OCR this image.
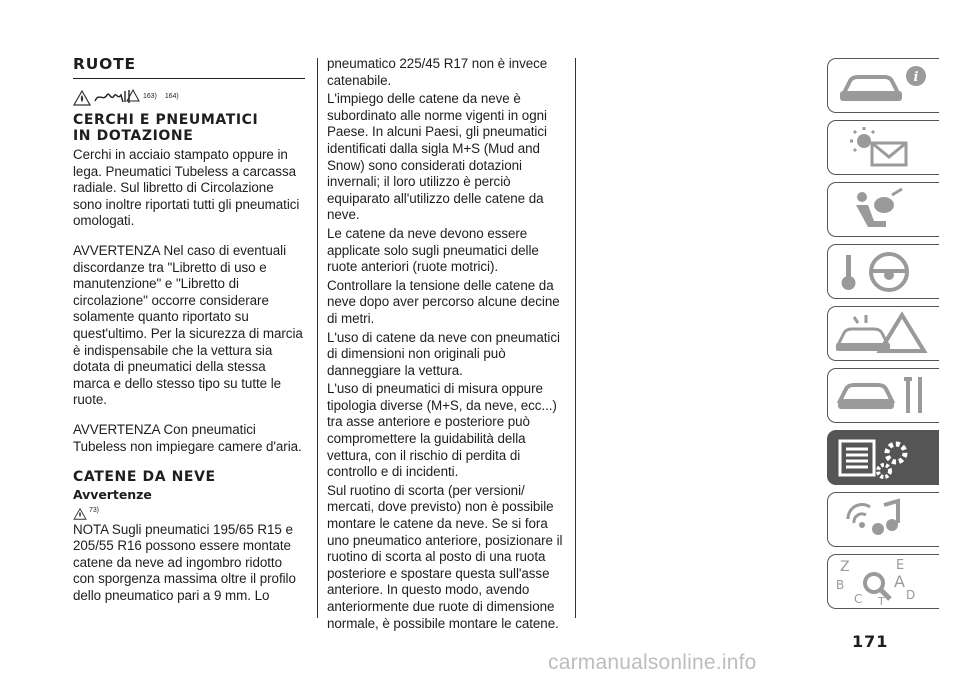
RUOTE
163) 164)
CERCHI E PNEUMATICI
IN DOTAZIONE

Cerchi in acciaio stampato oppure in lega. Pneumatici Tubeless a carcassa radiale. Sul libretto di Circolazione sono inoltre riportati tutti gli pneumatici omologati.

AVVERTENZA Nel caso di eventuali discordanze tra "Libretto di uso e manutenzione" e "Libretto di circolazione" occorre considerare solamente quanto riportato su quest'ultimo. Per la sicurezza di marcia è indispensabile che la vettura sia dotata di pneumatici della stessa marca e dello stesso tipo su tutte le ruote.

AVVERTENZA Con pneumatici Tubeless non impiegare camere d'aria.

CATENE DA NEVE
Avvertenze
73)

NOTA Sugli pneumatici 195/65 R15 e 205/55 R16 possono essere montate catene da neve ad ingombro ridotto con sporgenza massima oltre il profilo dello pneumatico pari a 9 mm. Lo

pneumatico 225/45 R17 non è invece catenabile.

L'impiego delle catene da neve è subordinato alle norme vigenti in ogni Paese. In alcuni Paesi, gli pneumatici identificati dalla sigla M+S (Mud and Snow) sono considerati dotazioni invernali; il loro utilizzo è perciò equiparato all'utilizzo delle catene da neve.

Le catene da neve devono essere applicate solo sugli pneumatici delle ruote anteriori (ruote motrici).

Controllare la tensione delle catene da neve dopo aver percorso alcune decine di metri.

L'uso di catene da neve con pneumatici di dimensioni non originali può danneggiare la vettura.

L'uso di pneumatici di misura oppure tipologia diverse (M+S, da neve, ecc...) tra asse anteriore e posteriore può compromettere la guidabilità della vettura, con il rischio di perdita di controllo e di incidenti.

Sul ruotino di scorta (per versioni/ mercati, dove previsto) non è possibile montare le catene da neve. Se si fora uno pneumatico anteriore, posizionare il ruotino di scorta al posto di una ruota posteriore e spostare questa sull'asse anteriore. In questo modo, avendo anteriormente due ruote di dimensione normale, è possibile montare le catene.

i
Z	E
B	A
C	D
T
171
carmanualsonline.info
